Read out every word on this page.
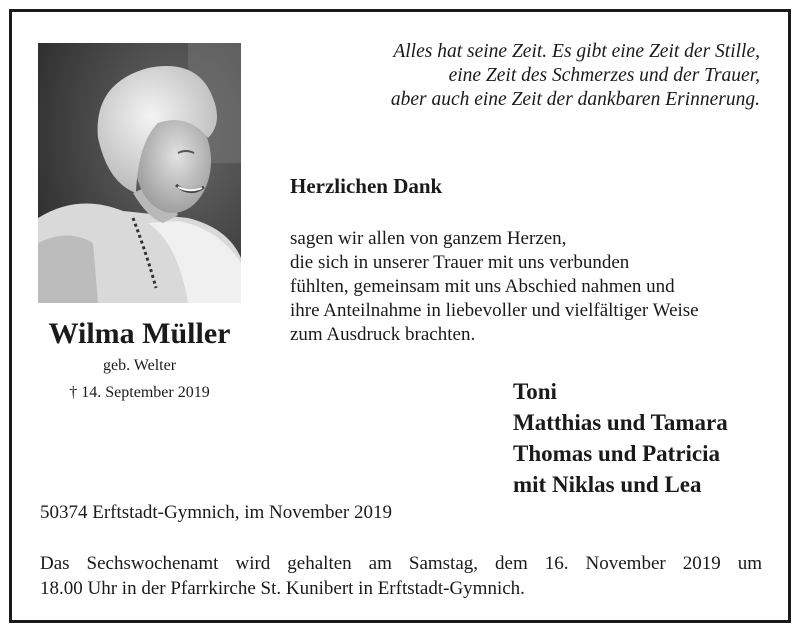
Alles hat seine Zeit. Es gibt eine Zeit der Stille,
eine Zeit des Schmerzes und der Trauer,
aber auch eine Zeit der dankbaren Erinnerung.
Herzlichen Dank
sagen wir allen von ganzem Herzen,
die sich in unserer Trauer mit uns verbunden
fühlten, gemeinsam mit uns Abschied nahmen und
ihre Anteilnahme in liebevoller und vielfältiger Weise
zum Ausdruck brachten.
Wilma Müller
geb. Welter
† 14. September 2019	Toni
Matthias und Tamara
Thomas und Patricia
mit Niklas und Lea
50374 Erftstadt-Gymnich, im November 2019
Das Sechswochenamt wird gehalten am Samstag, dem 16. November 2019 um
18.00 Uhr in der Pfarrkirche St. Kunibert in Erftstadt-Gymnich.
